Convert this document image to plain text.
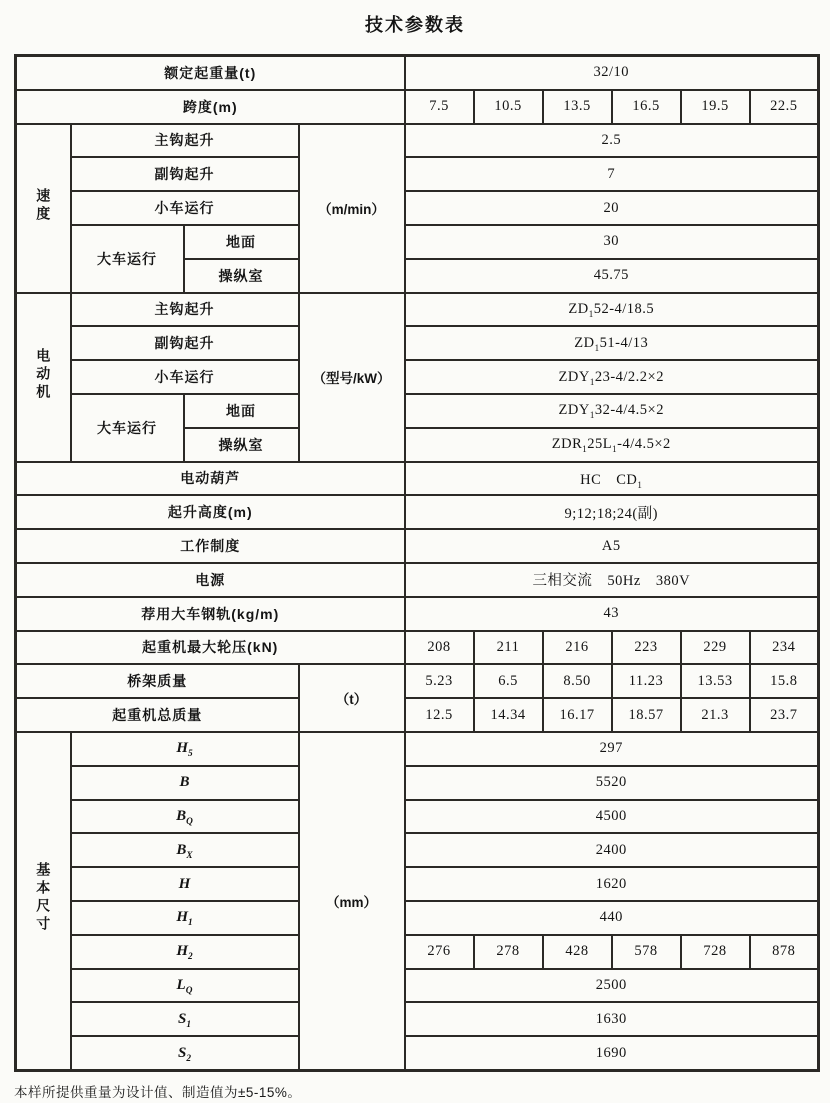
技术参数表
额定起重量(t)				32/10					
跨度(m)				7.5	10.5	13.5	16.5	19.5	22.5
速度	主钩起升		（m/min）	2.5					
	副钩起升			7					
	小车运行			20					
	大车运行	地面		30					
		操纵室		45.75					
电动机	主钩起升		（型号/kW）	$ZD_152-4/18.5$					
	副钩起升			$ZD_151-4/13$					
	小车运行			$ZDY_123-4/2.2\times 2$					
	大车运行	地面		$ZDY_132-4/4.5\times 2$					
		操纵室		$ZDR_125L_1-4/4.5\times 2$					
电动葫芦				HC　$CD_1$
起升高度(m)				9;12;18;24(副)					
工作制度				A5					
电源				三相交流　50Hz　380V					
荐用大车钢轨(kg/m)				43					
起重机最大轮压(kN)				208	211	216	223	229	234
桥架质量			（t）	5.23	6.5	8.50	11.23	13.53	15.8
起重机总质量				12.5	14.34	16.17	18.57	21.3	23.7
基本尺寸	$H_5$		（mm）	297					
	B			5520					
	$B_Q$			4500					
	$B_X$			2400					
	H			1620					
	$H_1$			440					
	$H_2$			276	278	428	578	728	878
	$L_Q$			2500					
	$S_1$			1630					
	$S_2$			1690					
本样所提供重量为设计值、制造值为±5-15%。
